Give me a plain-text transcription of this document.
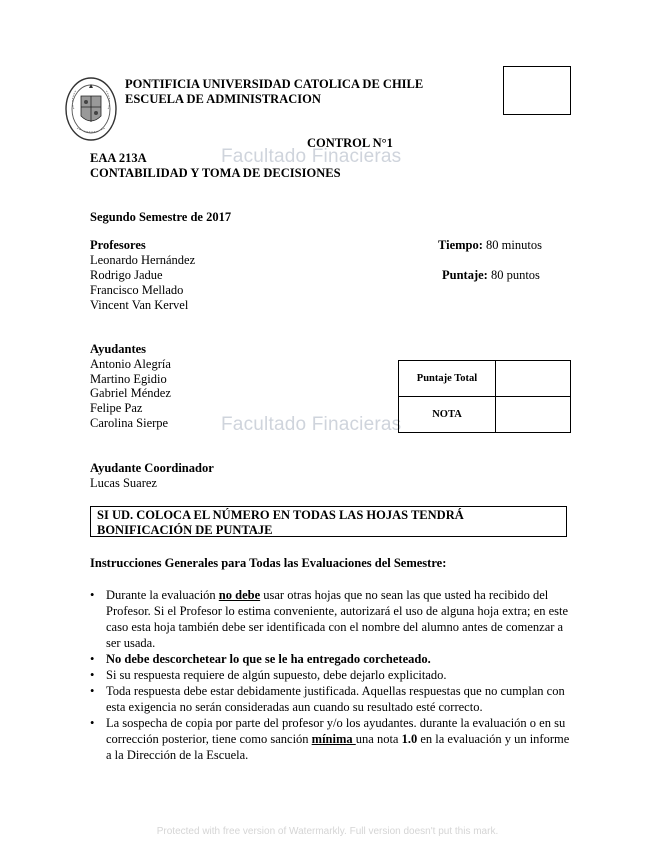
PONTIFICIA UNIVERSIDAD CATOLICA DE CHILE
ESCUELA DE ADMINISTRACION
CONTROL N°1
Facultado Finacieras
EAA 213A
CONTABILIDAD Y TOMA DE DECISIONES
Segundo Semestre de 2017
Profesores
Leonardo Hernández
Rodrigo Jadue
Francisco Mellado
Vincent Van Kervel
Tiempo: 80 minutos
Puntaje: 80 puntos
Ayudantes
Antonio Alegría
Martino Egidio
Gabriel Méndez
Felipe Paz
Carolina Sierpe	Facultado Finacieras
Puntaje Total	
NOTA	
Ayudante Coordinador
Lucas Suarez
SI UD. COLOCA EL NÚMERO EN TODAS LAS HOJAS TENDRÁ
BONIFICACIÓN DE PUNTAJE
Instrucciones Generales para Todas las Evaluaciones del Semestre:
• Durante la evaluación no debe usar otras hojas que no sean las que usted ha recibido del Profesor. Si el Profesor lo estima conveniente, autorizará el uso de alguna hoja extra; en este caso esta hoja también debe ser identificada con el nombre del alumno antes de comenzar a ser usada.
• No debe descorchetear lo que se le ha entregado corcheteado.
• Si su respuesta requiere de algún supuesto, debe dejarlo explicitado.
• Toda respuesta debe estar debidamente justificada. Aquellas respuestas que no cumplan con esta exigencia no serán consideradas aun cuando su resultado esté correcto.
• La sospecha de copia por parte del profesor y/o los ayudantes. durante la evaluación o en su corrección posterior, tiene como sanción mínima una nota 1.0 en la evaluación y un informe a la Dirección de la Escuela.
Protected with free version of Watermarkly. Full version doesn't put this mark.
